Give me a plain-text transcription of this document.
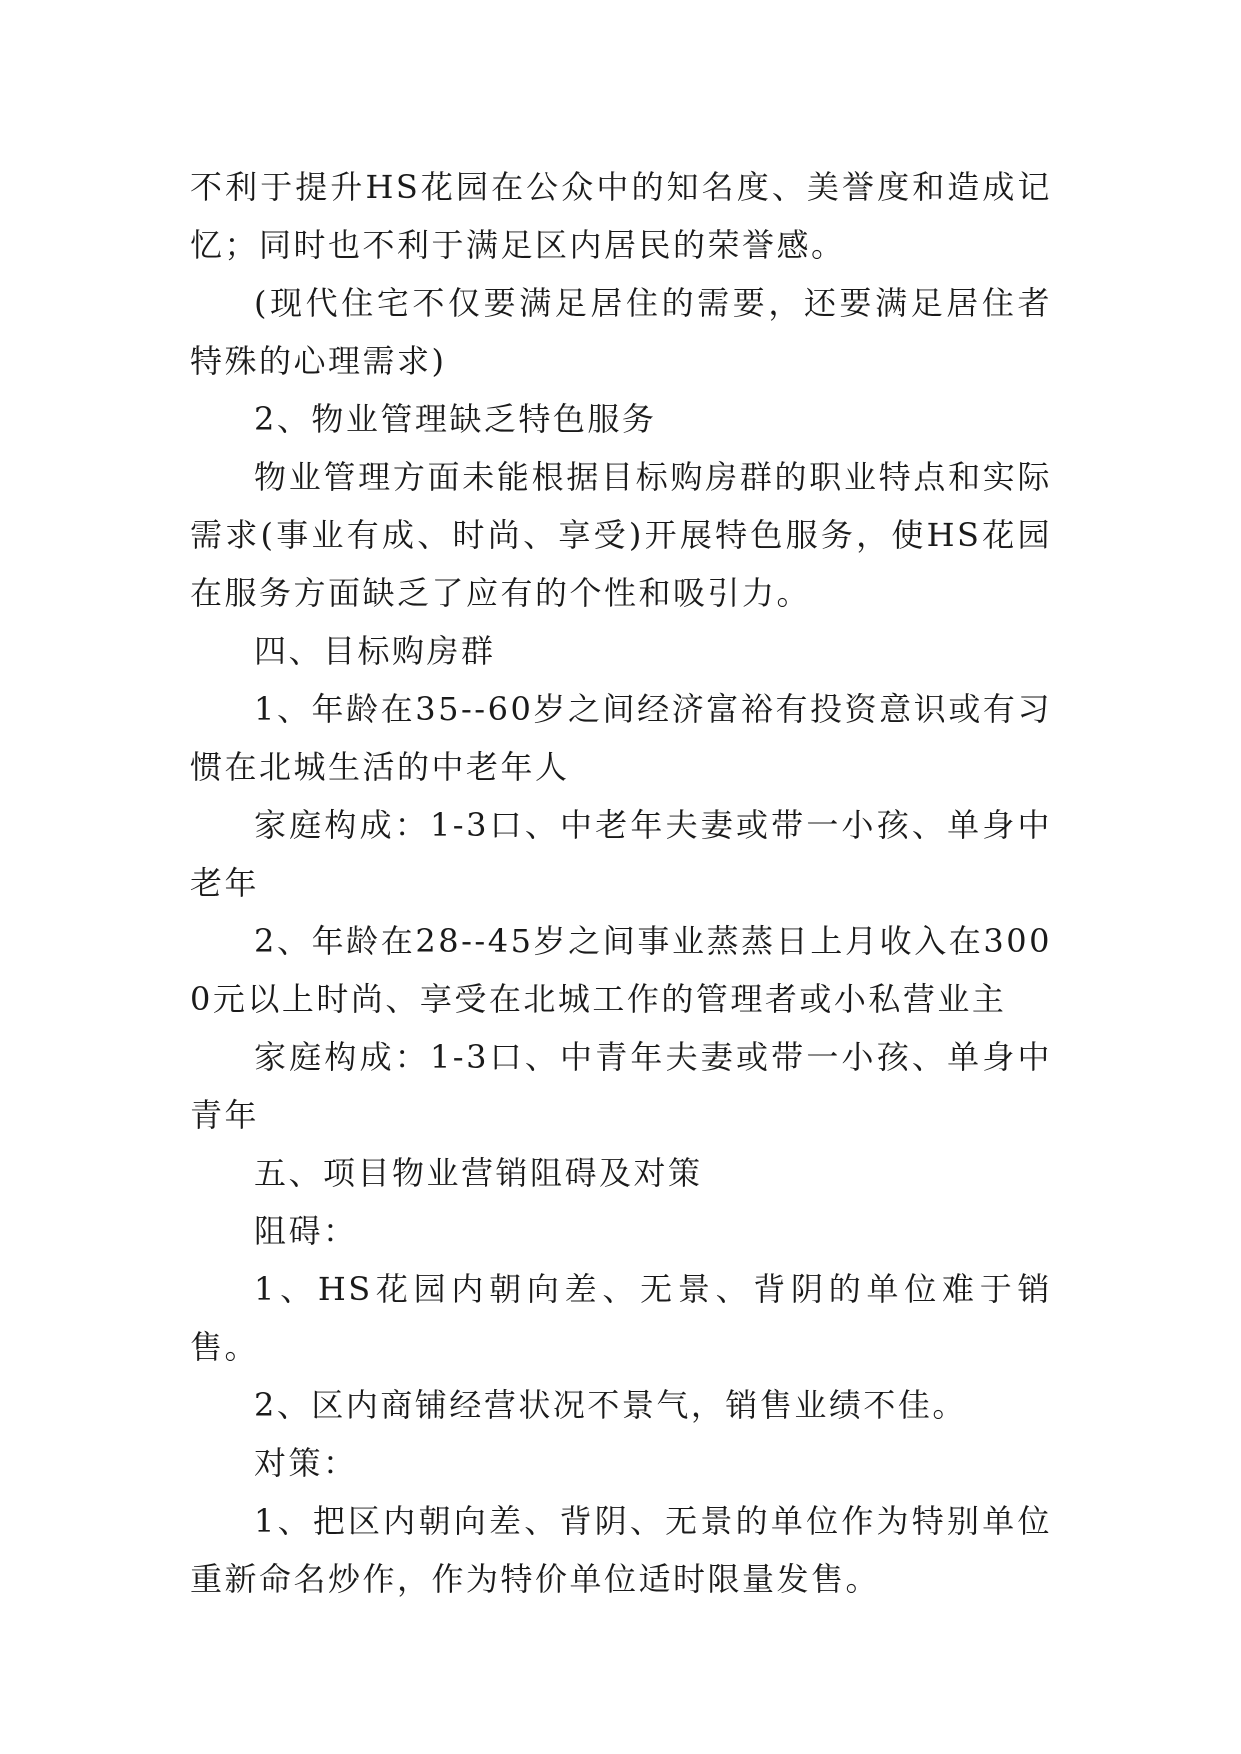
不利于提升HS花园在公众中的知名度、美誉度和造成记忆；同时也不利于满足区内居民的荣誉感。

(现代住宅不仅要满足居住的需要，还要满足居住者特殊的心理需求)

2、物业管理缺乏特色服务

物业管理方面未能根据目标购房群的职业特点和实际需求(事业有成、时尚、享受)开展特色服务，使HS花园在服务方面缺乏了应有的个性和吸引力。

四、目标购房群

1、年龄在35--60岁之间经济富裕有投资意识或有习惯在北城生活的中老年人

家庭构成：1-3口、中老年夫妻或带一小孩、单身中老年

2、年龄在28--45岁之间事业蒸蒸日上月收入在3000元以上时尚、享受在北城工作的管理者或小私营业主

家庭构成：1-3口、中青年夫妻或带一小孩、单身中青年

五、项目物业营销阻碍及对策

阻碍：

1、HS花园内朝向差、无景、背阴的单位难于销售。

2、区内商铺经营状况不景气，销售业绩不佳。

对策：

1、把区内朝向差、背阴、无景的单位作为特别单位重新命名炒作，作为特价单位适时限量发售。
